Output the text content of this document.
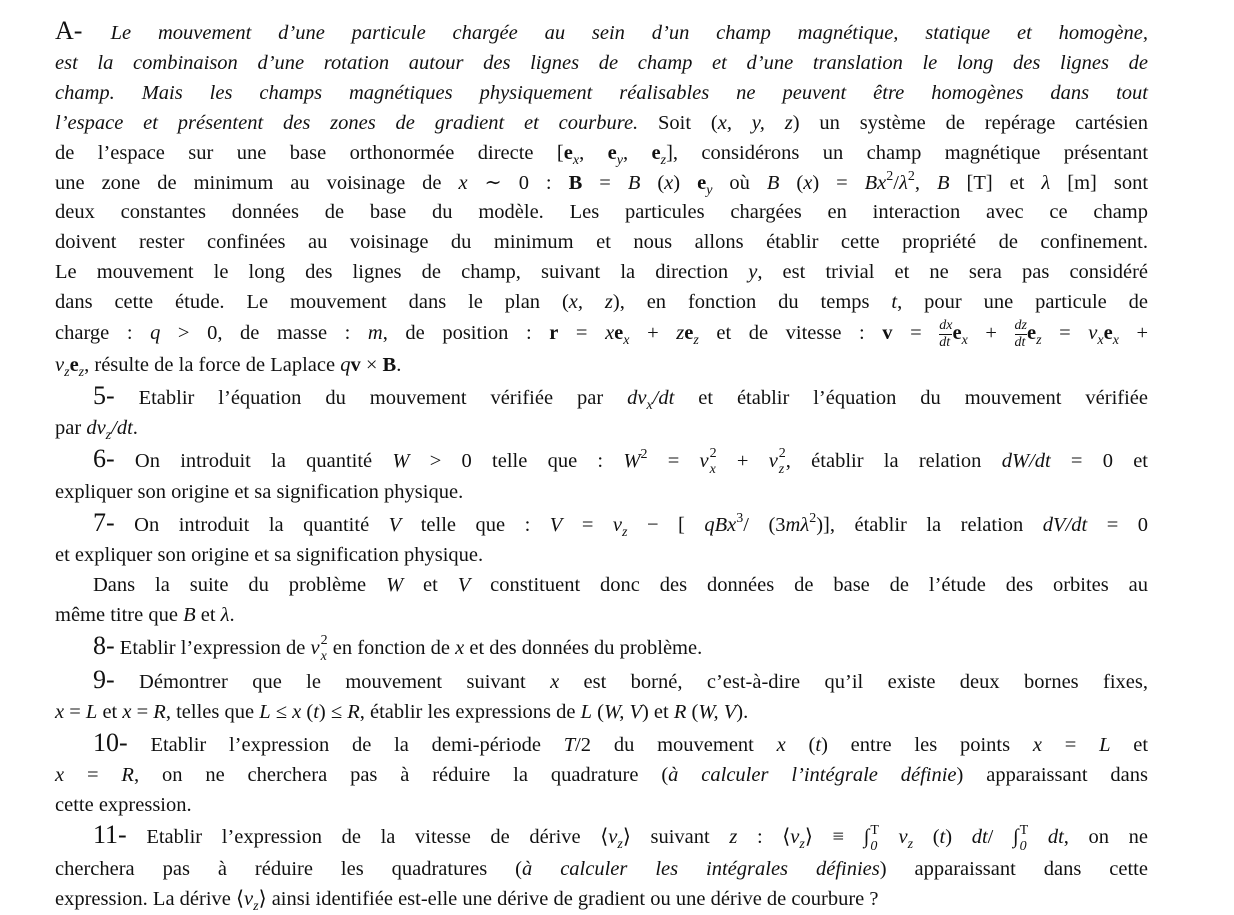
A- Le mouvement d’une particule chargée au sein d’un champ magnétique, statique et homogène,
est la combinaison d’une rotation autour des lignes de champ et d’une translation le long des lignes de
champ. Mais les champs magnétiques physiquement réalisables ne peuvent être homogènes dans tout
l’espace et présentent des zones de gradient et courbure. Soit (x, y, z) un système de repérage cartésien
de l’espace sur une base orthonormée directe [$e_x$, $e_y$, $e_z$], considérons un champ magnétique présentant
une zone de minimum au voisinage de x ∼ 0 : B = B (x) $e_y$ où B $(x) = Bx^2/\lambda^2$, B [T] et λ [m] sont
deux constantes données de base du modèle. Les particules chargées en interaction avec ce champ
doivent rester confinées au voisinage du minimum et nous allons établir cette propriété de confinement.
Le mouvement le long des lignes de champ, suivant la direction y, est trivial et ne sera pas considéré
dans cette étude. Le mouvement dans le plan (x, z), en fonction du temps t, pour une particule de
charge : q > 0, de masse : m, de position : $r = xe_x + ze_z$ et de vitesse : $v = \frac{dx}{dt} e_x + \frac{dz}{dt} e_z = v_xe_x$ +
$v_ze_z$, résulte de la force de Laplace qv × B.
5- Etablir l’équation du mouvement vérifiée par $dv_x/dt$ et établir l’équation du mouvement vérifiée
par $dv_z/dt$.
6- On introduit la quantité W > 0 telle que : $W^2 = v$ 2
x + v 2
z , établir la relation dW/dt = 0 et
expliquer son origine et sa signification physique.
7- On introduit la quantité V telle que : $V = v_z$ − [ qBx$^3$/ $(3m\lambda^2)$], établir la relation dV/dt = 0
et expliquer son origine et sa signification physique.
Dans la suite du problème W et V constituent donc des données de base de l’étude des orbites au
même titre que B et λ.
8- Etablir l’expression de v 2
x en fonction de x et des données du problème.
9- Démontrer que le mouvement suivant x est borné, c’est-à-dire qu’il existe deux bornes fixes,
x = L et x = R, telles que L ≤ x (t) ≤ R, établir les expressions de L (W, V) et R (W, V).
10- Etablir l’expression de la demi-période T/2 du mouvement x (t) entre les points x = L et
x = R, on ne cherchera pas à réduire la quadrature (à calculer l’intégrale définie) apparaissant dans
cette expression.
11- Etablir l’expression de la vitesse de dérive $⟨v_z⟩$ suivant z : $⟨v_z⟩$ ≡ ∫ T
0 $v_z$ (t) dt/ ∫ T
0 dt, on ne
cherchera pas à réduire les quadratures (à calculer les intégrales définies) apparaissant dans cette
expression. La dérive $⟨v_z⟩$ ainsi identifiée est-elle une dérive de gradient ou une dérive de courbure ?
